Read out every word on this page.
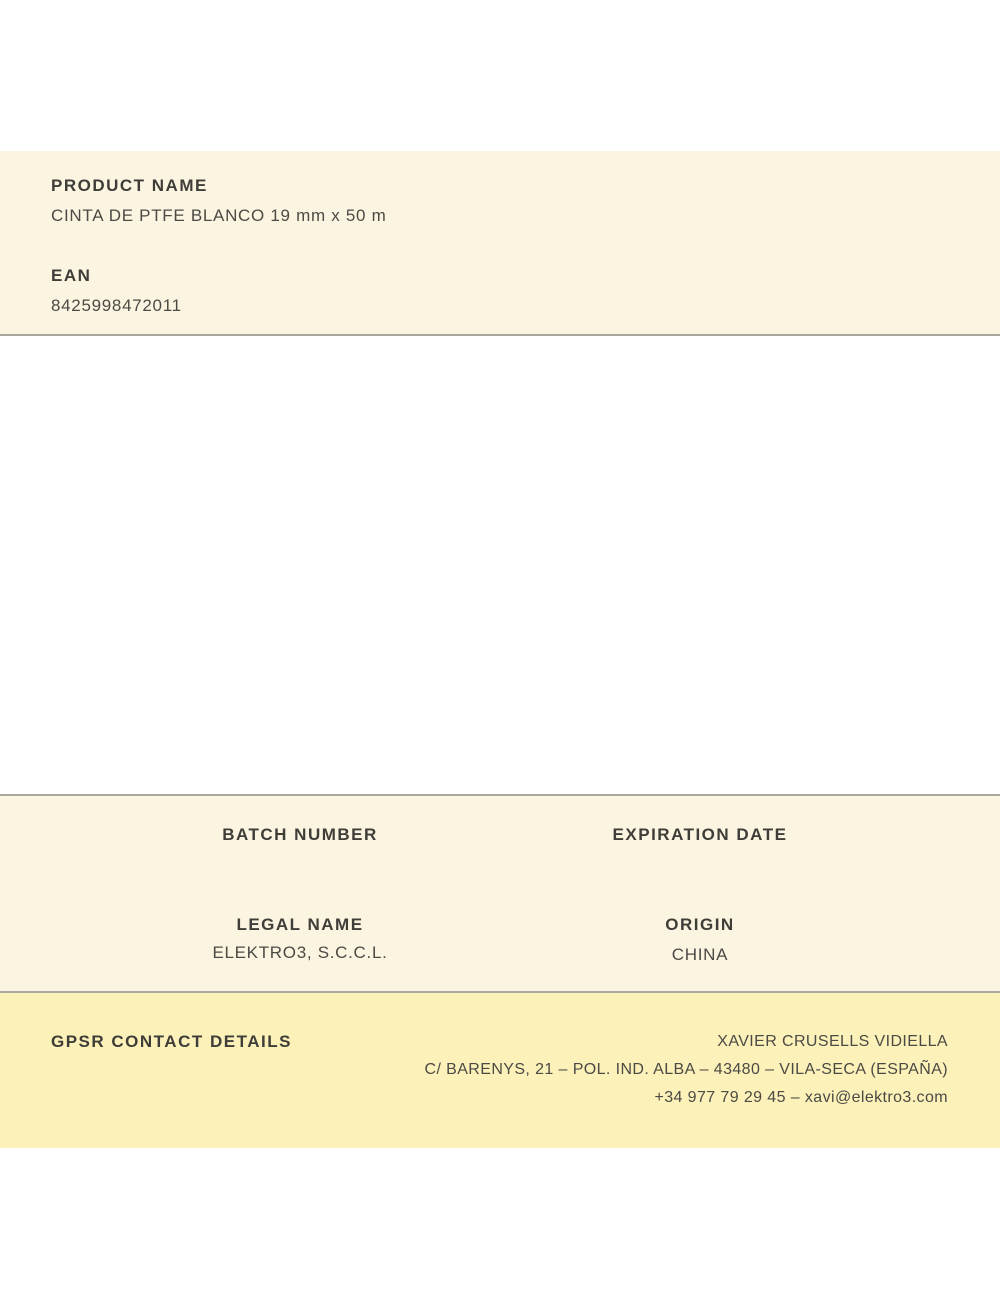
PRODUCT NAME
CINTA DE PTFE BLANCO 19 mm x 50 m
EAN
8425998472011
BATCH NUMBER	EXPIRATION DATE
LEGAL NAME
ELEKTRO3, S.C.C.L.
ORIGIN
CHINA
GPSR CONTACT DETAILS	XAVIER CRUSELLS VIDIELLA
C/ BARENYS, 21 – POL. IND. ALBA – 43480 – VILA-SECA (ESPAÑA)
+34 977 79 29 45 – xavi@elektro3.com
